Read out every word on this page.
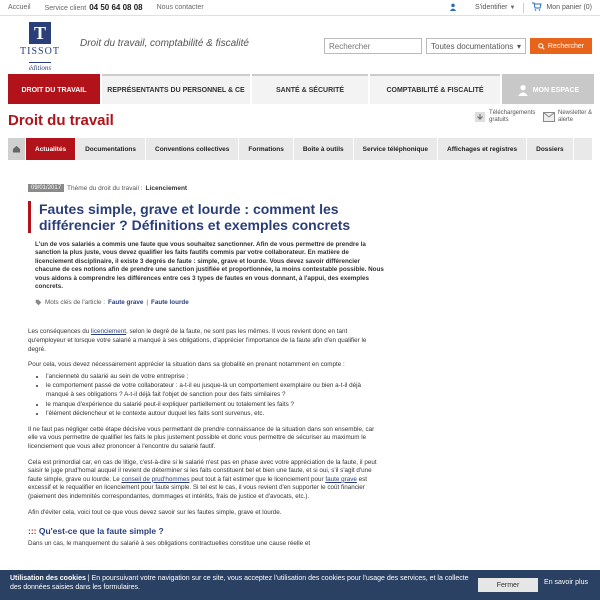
Accueil Service client 04 50 64 08 08 Nous contacter	S'identifier ▼	Mon panier (0)
T
TISSOT
éditions
Droit du travail, comptabilité & fiscalité
Rechercher	Toutes documentations ▾	Rechercher
DROIT DU TRAVAIL	REPRÉSENTANTS DU PERSONNEL & CE	SANTÉ & SÉCURITÉ	COMPTABILITÉ & FISCALITÉ	MON ESPACE
Droit du travail	Téléchargements gratuits
Newsletter & alerte
Actualités	Documentations	Conventions collectives	Formations	Boîte à outils	Service téléphonique	Affichages et registres	Dossiers
09/01/2017 Thème du droit du travail : Licenciement
Fautes simple, grave et lourde : comment les différencier ? Définitions et exemples concrets
L'un de vos salariés a commis une faute que vous souhaitez sanctionner. Afin de vous permettre de prendre la sanction la plus juste, vous devez qualifier les faits fautifs commis par votre collaborateur. En matière de licenciement disciplinaire, il existe 3 degrés de faute : simple, grave et lourde. Vous devez savoir différencier chacune de ces notions afin de prendre une sanction justifiée et proportionnée, la moins contestable possible. Nous vous aidons à comprendre les différences entre ces 3 types de fautes en vous donnant, à l'appui, des exemples concrets.
Mots clés de l'article : Faute grave | Faute lourde

Les conséquences du licenciement, selon le degré de la faute, ne sont pas les mêmes. Il vous revient donc en tant qu'employeur et lorsque votre salarié a manqué à ses obligations, d'apprécier l'importance de la faute afin d'en qualifier le degré.

Pour cela, vous devez nécessairement apprécier la situation dans sa globalité en prenant notamment en compte :

• l'ancienneté du salarié au sein de votre entreprise ;
• le comportement passé de votre collaborateur : a-t-il eu jusque-là un comportement exemplaire ou bien a-t-il déjà manqué à ses obligations ? A-t-il déjà fait l'objet de sanction pour des faits similaires ?
• le manque d'expérience du salarié peut-il expliquer partiellement ou totalement les faits ?
• l'élément déclencheur et le contexte autour duquel les faits sont survenus, etc.

Il ne faut pas négliger cette étape décisive vous permettant de prendre connaissance de la situation dans son ensemble, car elle va vous permettre de qualifier les faits le plus justement possible et donc vous permettre de sécuriser au maximum le licenciement que vous allez prononcer à l'encontre du salarié fautif.

Cela est primordial car, en cas de litige, c'est-à-dire si le salarié n'est pas en phase avec votre appréciation de la faute, il peut saisir le juge prud'homal auquel il revient de déterminer si les faits constituent bel et bien une faute, et si oui, s'il s'agit d'une faute simple, grave ou lourde. Le conseil de prud'hommes peut tout à fait estimer que le licenciement pour faute grave est excessif et le requalifier en licenciement pour faute simple. Si tel est le cas, il vous revient d'en supporter le coût financier (paiement des indemnités correspondantes, dommages et intérêts, frais de justice et d'avocats, etc.).

Afin d'éviter cela, voici tout ce que vous devez savoir sur les fautes simple, grave et lourde.

::: Qu'est-ce que la faute simple ?

Dans un cas, le manquement du salarié à ses obligations contractuelles constitue une cause réelle et

Utilisation des cookies | En poursuivant votre navigation sur ce site, vous acceptez l'utilisation des cookies pour l'usage des services, et la collecte des données saisies dans les formulaires.	Fermer	En savoir plus
